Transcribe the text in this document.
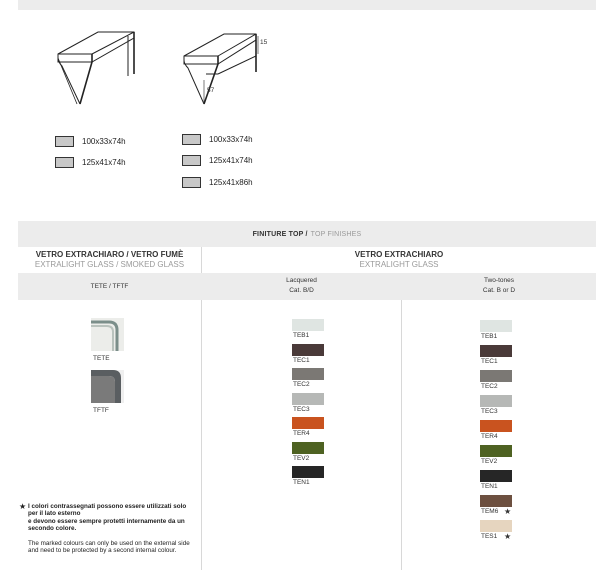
15
57
100x33x74h
125x41x74h
100x33x74h
125x41x74h
125x41x86h
FINITURE TOP / TOP FINISHES
VETRO EXTRACHIARO / VETRO FUMÈ
EXTRALIGHT GLASS / SMOKED GLASS
VETRO EXTRACHIARO
EXTRALIGHT GLASS
TETE / TFTF
Lacquered
Cat. B/D
Two-tones
Cat. B or D
TETE
TFTF
TEB1
TEC1
TEC2
TEC3
TER4
TEV2
TEN1
TEB1
TEC1
TEC2
TEC3
TER4
TEV2
TEN1
TEM6 ★
TES1 ★
★ I colori contrassegnati possono essere utilizzati solo per il lato esterno
e devono essere sempre protetti internamente da un secondo colore.
The marked colours can only be used on the external side and need to be protected by a second internal colour.
